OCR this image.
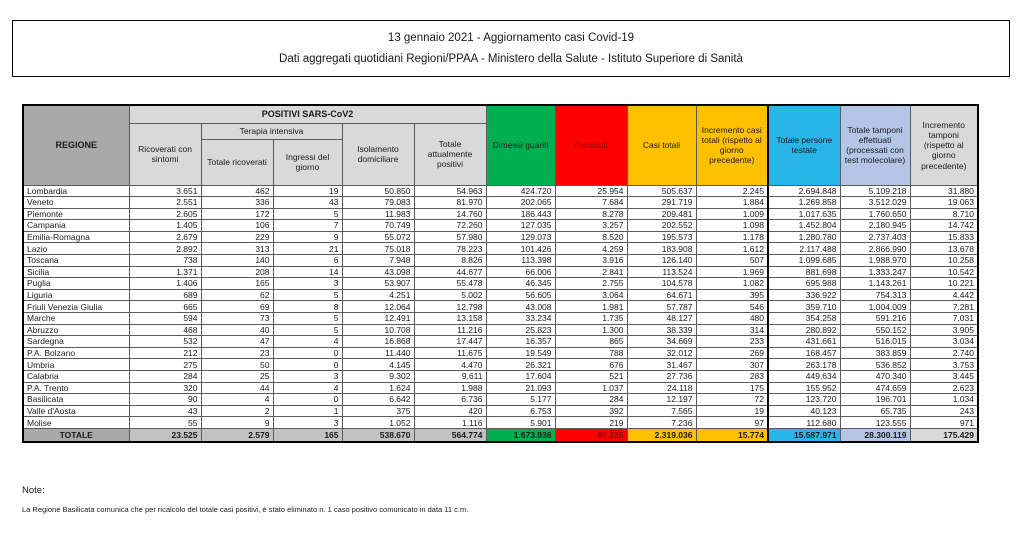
13 gennaio 2021 - Aggiornamento casi Covid-19
Dati aggregati quotidiani Regioni/PPAA - Ministero della Salute - Istituto Superiore di Sanità
REGIONE	POSITIVI SARS-CoV2					Dimessi guariti	Deceduti	Casi totali	Incremento casi totali (rispetto al giorno precedente)	Totale persone testate	Totale tamponi effettuati (processati con test molecolare)	Incremento tamponi (rispetto al giorno precedente)
	Ricoverati con sintomi	Terapia intensiva		Isolamento domiciliare	Totale attualmente positivi							
		Totale ricoverati	Ingressi del giorno									
Lombardia	3.651	462	19	50.850	54.963	424.720	25.954	505.637	2.245	2.694.848	5.109.218	31.880
Veneto	2.551	336	43	79.083	81.970	202.065	7.684	291.719	1.884	1.269.858	3.512.029	19.063
Piemonte	2.605	172	5	11.983	14.760	186.443	8.278	209.481	1.009	1.017.635	1.760.650	8.710
Campania	1.405	106	7	70.749	72.260	127.035	3.257	202.552	1.098	1.452.804	2.180.945	14.742
Emilia-Romagna	2.679	229	9	55.072	57.980	129.073	8.520	195.573	1.178	1.280.780	2.737.403	15.833
Lazio	2.892	313	21	75.018	78.223	101.426	4.259	183.908	1.612	2.117.488	2.866.990	13.678
Toscana	738	140	6	7.948	8.826	113.398	3.916	126.140	507	1.099.685	1.988.970	10.258
Sicilia	1.371	208	14	43.098	44.677	66.006	2.841	113.524	1.969	881.698	1.333.247	10.542
Puglia	1.406	165	3	53.907	55.478	46.345	2.755	104.578	1.082	695.988	1.143.261	10.221
Liguria	689	62	5	4.251	5.002	56.605	3.064	64.671	395	336.922	754.313	4.442
Friuli Venezia Giulia	665	69	8	12.064	12.798	43.008	1.981	57.787	546	359.710	1.004.009	7.281
Marche	594	73	5	12.491	13.158	33.234	1.735	48.127	480	354.258	591.216	7.031
Abruzzo	468	40	5	10.708	11.216	25.823	1.300	38.339	314	280.892	550.152	3.905
Sardegna	532	47	4	16.868	17.447	16.357	865	34.669	233	431.661	516.015	3.034
P.A. Bolzano	212	23	0	11.440	11.675	19.549	788	32.012	269	168.457	383.859	2.740
Umbria	275	50	0	4.145	4.470	26.321	676	31.467	307	263.178	536.852	3.753
Calabria	284	25	3	9.302	9.611	17.604	521	27.736	283	449.634	470.340	3.445
P.A. Trento	320	44	4	1.624	1.988	21.093	1.037	24.118	175	155.952	474.659	2.623
Basilicata	90	4	0	6.642	6.736	5.177	284	12.197	72	123.720	196.701	1.034
Valle d'Aosta	43	2	1	375	420	6.753	392	7.565	19	40.123	65.735	243
Molise	55	9	3	1.052	1.116	5.901	219	7.236	97	112.680	123.555	971
TOTALE	23.525	2.579	165	538.670	564.774	1.673.936	80.326	2.319.036	15.774	15.587.971	28.300.119	175.429
Note:
La Regione Basilicata comunica che per ricalcolo del totale casi positivi, è stato eliminato n. 1 caso positivo comunicato in data 11 c.m.
